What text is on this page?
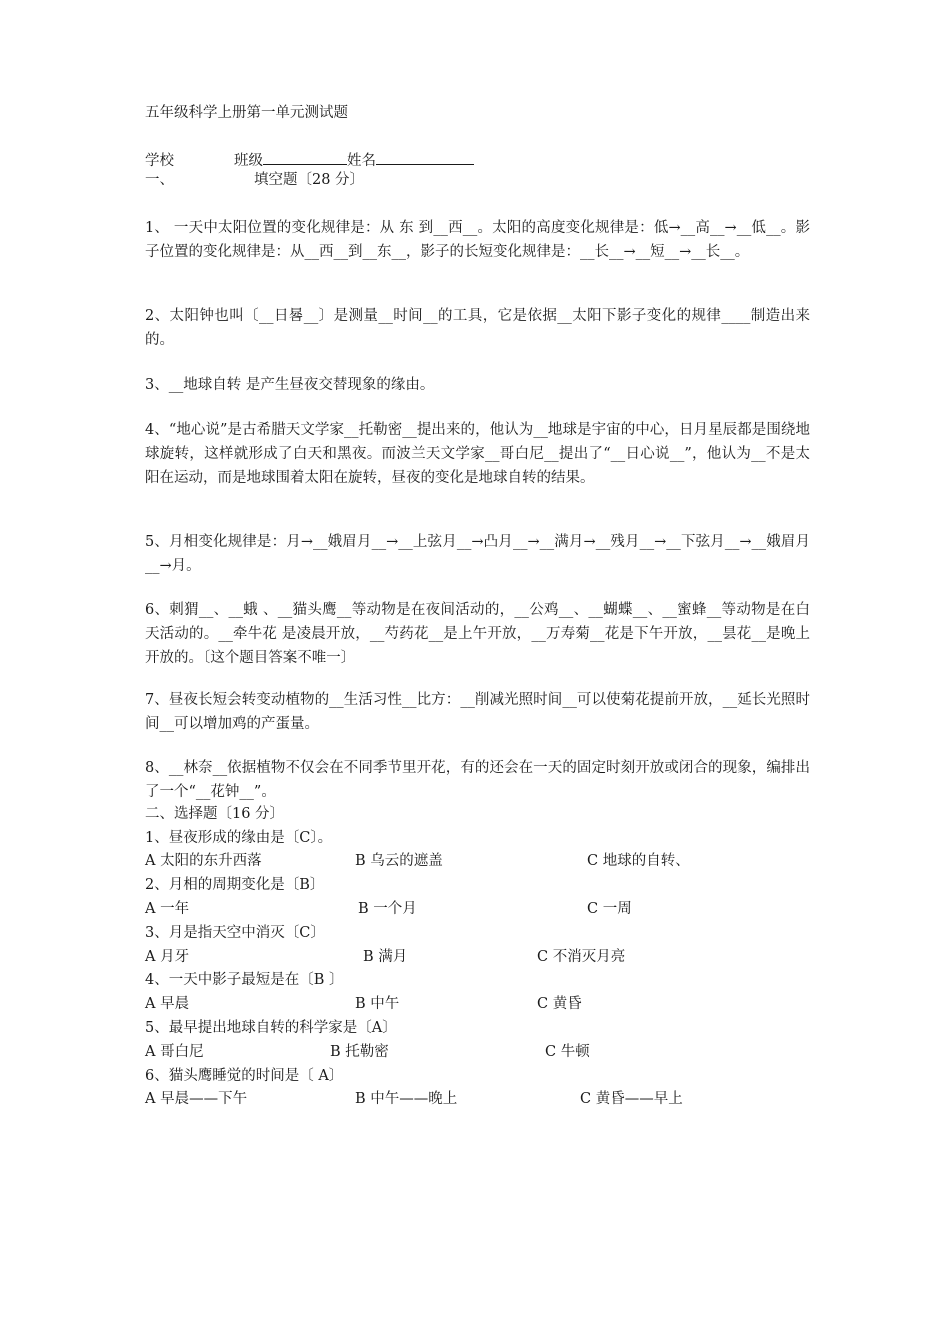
五年级科学上册第一单元测试题
学校	班级	姓名
一、	填空题〔28 分〕
1、 一天中太阳位置的变化规律是：从 东 到__西__。太阳的高度变化规律是：低→__高__→__低__。影子位置的变化规律是：从__西__到__东__，影子的长短变化规律是：__长__→__短__→__长__。
2、太阳钟也叫〔__日晷__〕是测量__时间__的工具，它是依据__太阳下影子变化的规律____制造出来的。
3、__地球自转 是产生昼夜交替现象的缘由。
4、“地心说”是古希腊天文学家__托勒密__提出来的，他认为__地球是宇宙的中心，日月星辰都是围绕地球旋转，这样就形成了白天和黑夜。而波兰天文学家__哥白尼__提出了“__日心说__”，他认为__不是太阳在运动，而是地球围着太阳在旋转，昼夜的变化是地球自转的结果。
5、月相变化规律是：月→__娥眉月__→__上弦月__→凸月__→__满月→__残月__→__下弦月__→__娥眉月__→月。
6、刺猬__、__蛾 、__猫头鹰__等动物是在夜间活动的，__公鸡__、__蝴蝶__、__蜜蜂__等动物是在白天活动的。__牵牛花 是凌晨开放，__芍药花__是上午开放，__万寿菊__花是下午开放，__昙花__是晚上开放的。〔这个题目答案不唯一〕
7、昼夜长短会转变动植物的__生活习性__比方：__削减光照时间__可以使菊花提前开放，__延长光照时间__可以增加鸡的产蛋量。
8、__林奈__依据植物不仅会在不同季节里开花，有的还会在一天的固定时刻开放或闭合的现象，编排出了一个“__花钟__”。
二、选择题〔16 分〕
1、昼夜形成的缘由是〔C〕。
A 太阳的东升西落	B 乌云的遮盖	C 地球的自转、
2、月相的周期变化是〔B〕
A 一年	B 一个月	C 一周
3、月是指天空中消灭〔C〕
A 月牙	B 满月	C 不消灭月亮
4、一天中影子最短是在〔B 〕
A 早晨	B 中午	C 黄昏
5、最早提出地球自转的科学家是〔A〕
A 哥白尼	B 托勒密	C 牛顿
6、猫头鹰睡觉的时间是〔 A〕
A 早晨——下午	B 中午——晚上	C 黄昏——早上
